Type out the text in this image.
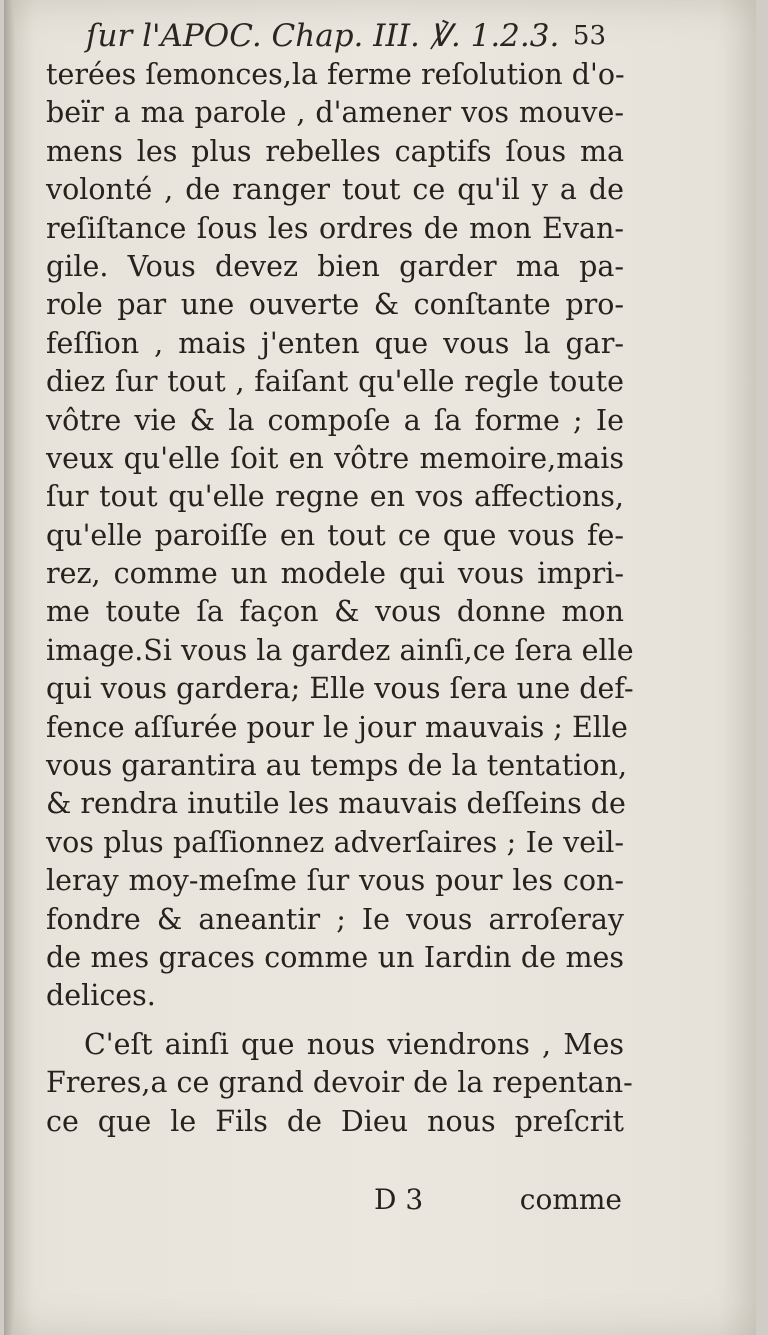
ſur l'APOC. Chap. III. ℣. 1.2.3. 53
terées ſemonces,la ferme reſolution d'o-
beïr a ma parole , d'amener vos mouve-
mens les plus rebelles captifs ſous ma
volonté , de ranger tout ce qu'il y a de
reſiſtance ſous les ordres de mon Evan-
gile. Vous devez bien garder ma pa-
role par une ouverte & conſtante pro-
feſſion , mais j'enten que vous la gar-
diez ſur tout , faiſant qu'elle regle toute
vôtre vie & la compoſe a ſa forme ; Ie
veux qu'elle ſoit en vôtre memoire,mais
ſur tout qu'elle regne en vos affections,
qu'elle paroiſſe en tout ce que vous fe-
rez, comme un modele qui vous impri-
me toute ſa façon & vous donne mon
image.Si vous la gardez ainſi,ce ſera elle
qui vous gardera; Elle vous ſera une def-
fence aſſurée pour le jour mauvais ; Elle
vous garantira au temps de la tentation,
& rendra inutile les mauvais deſſeins de
vos plus paſſionnez adverſaires ; Ie veil-
leray moy-meſme ſur vous pour les con-
fondre & aneantir ; Ie vous arroſeray
de mes graces comme un Iardin de mes
delices.
C'eſt ainſi que nous viendrons , Mes
Freres,a ce grand devoir de la repentan-
ce que le Fils de Dieu nous preſcrit
D 3	comme
